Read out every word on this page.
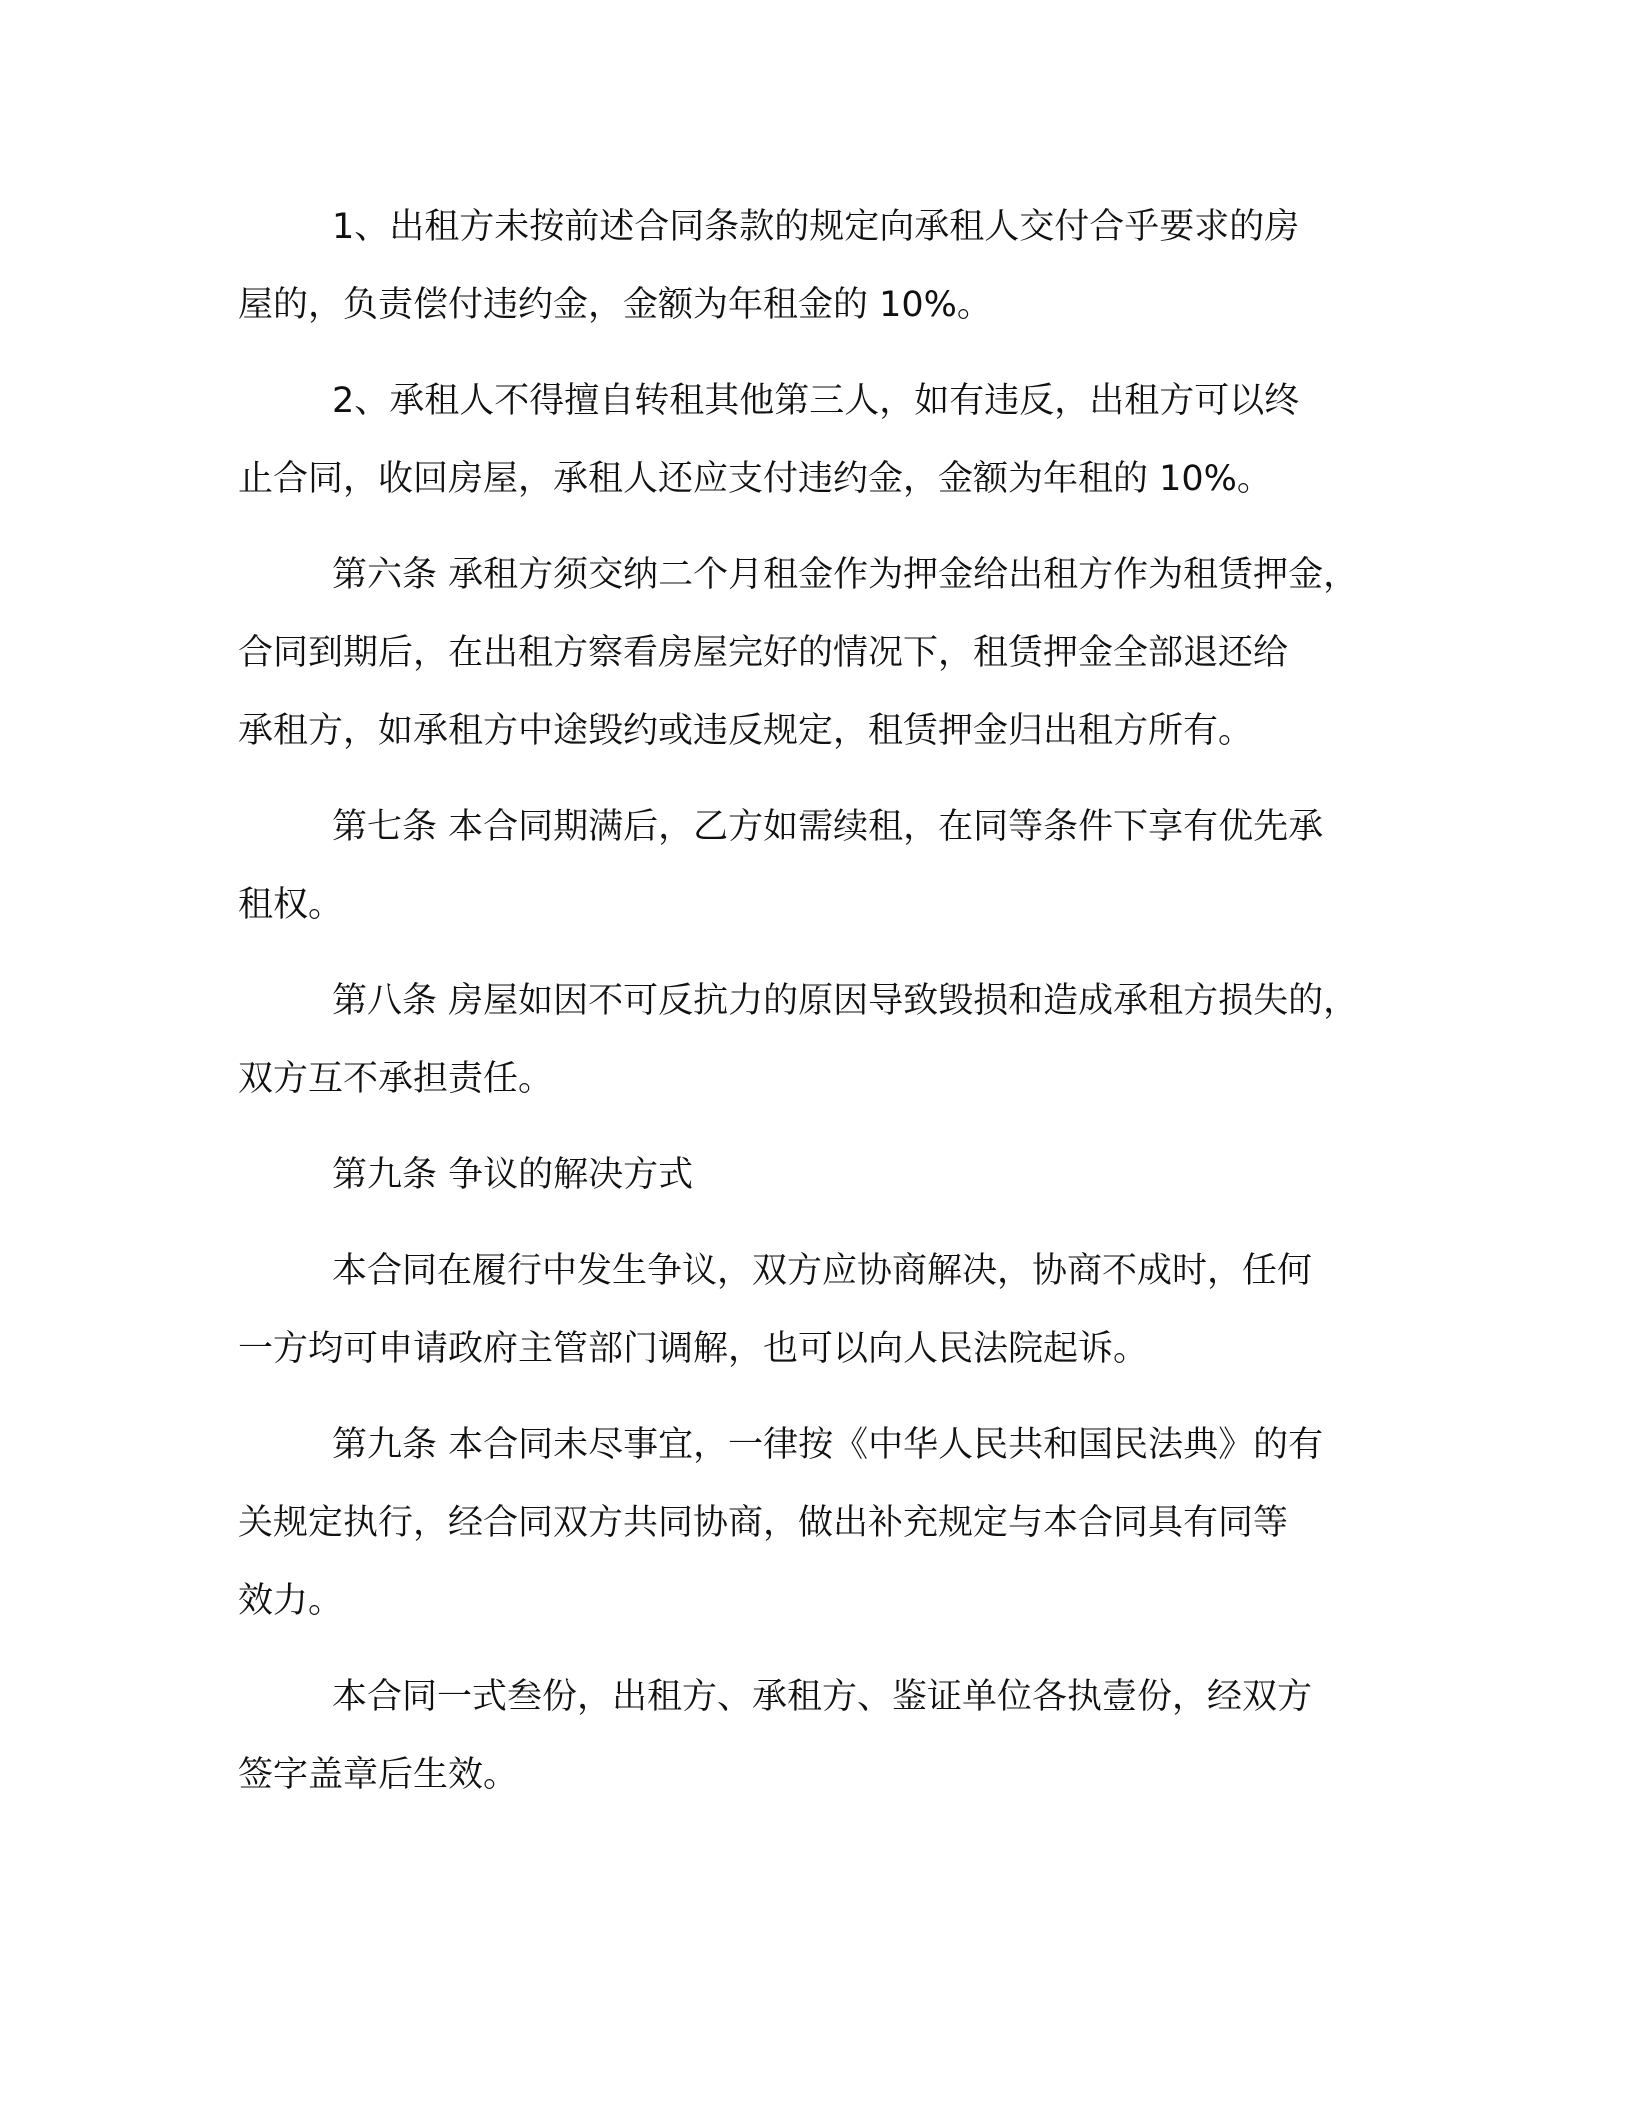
1、出租方未按前述合同条款的规定向承租人交付合乎要求的房
屋的，负责偿付违约金，金额为年租金的 10%。

2、承租人不得擅自转租其他第三人，如有违反，出租方可以终
止合同，收回房屋，承租人还应支付违约金，金额为年租的 10%。

第六条 承租方须交纳二个月租金作为押金给出租方作为租赁押金，
合同到期后，在出租方察看房屋完好的情况下，租赁押金全部退还给
承租方，如承租方中途毁约或违反规定，租赁押金归出租方所有。

第七条 本合同期满后，乙方如需续租，在同等条件下享有优先承
租权。

第八条 房屋如因不可反抗力的原因导致毁损和造成承租方损失的，
双方互不承担责任。

第九条 争议的解决方式

本合同在履行中发生争议，双方应协商解决，协商不成时，任何
一方均可申请政府主管部门调解，也可以向人民法院起诉。

第九条 本合同未尽事宜，一律按《中华人民共和国民法典》的有
关规定执行，经合同双方共同协商，做出补充规定与本合同具有同等
效力。

本合同一式叁份，出租方、承租方、鉴证单位各执壹份，经双方
签字盖章后生效。
